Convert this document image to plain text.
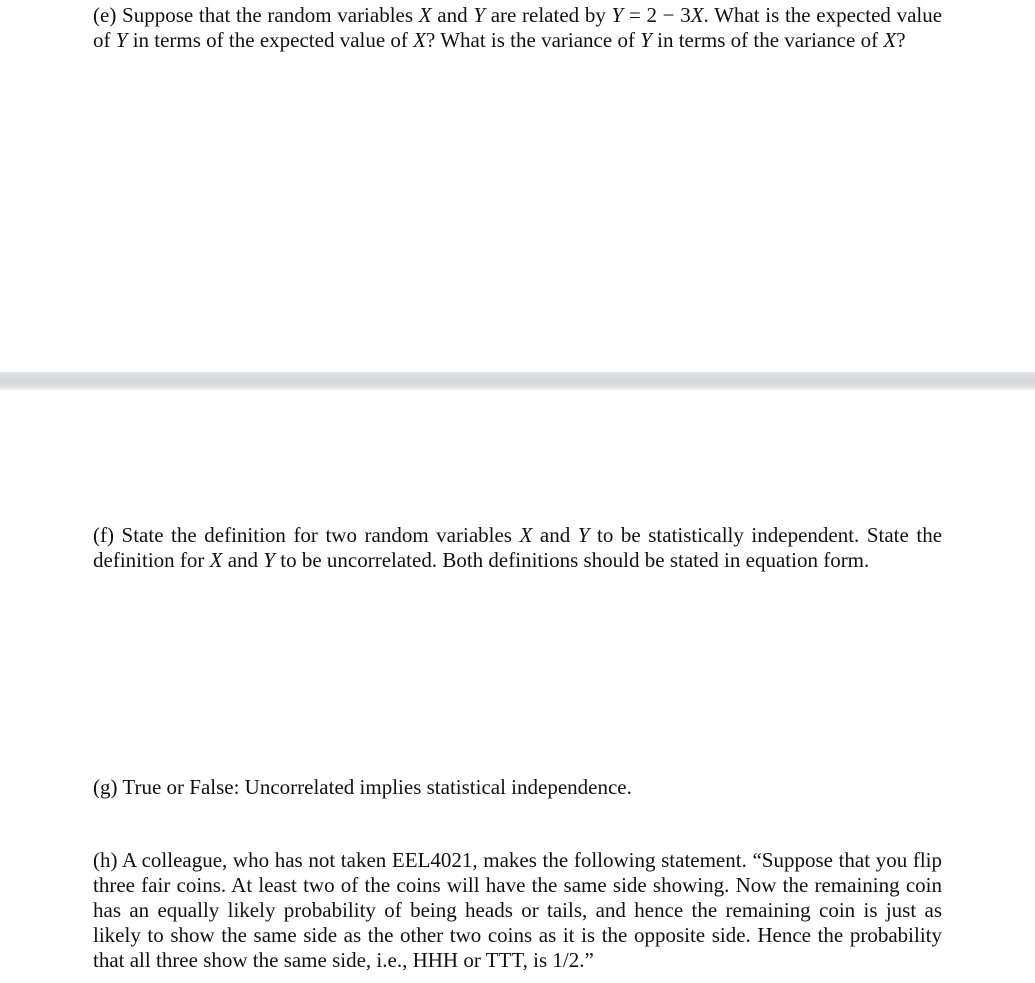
(e) Suppose that the random variables X and Y are related by Y = 2 − 3X. What is the expected value of Y in terms of the expected value of X? What is the variance of Y in terms of the variance of X?

(f) State the definition for two random variables X and Y to be statistically independent. State the definition for X and Y to be uncorrelated. Both definitions should be stated in equation form.

(g) True or False: Uncorrelated implies statistical independence.

(h) A colleague, who has not taken EEL4021, makes the following statement. “Suppose that you flip three fair coins. At least two of the coins will have the same side showing. Now the remaining coin has an equally likely probability of being heads or tails, and hence the remaining coin is just as likely to show the same side as the other two coins as it is the opposite side. Hence the probability that all three show the same side, i.e., HHH or TTT, is 1/2.”
